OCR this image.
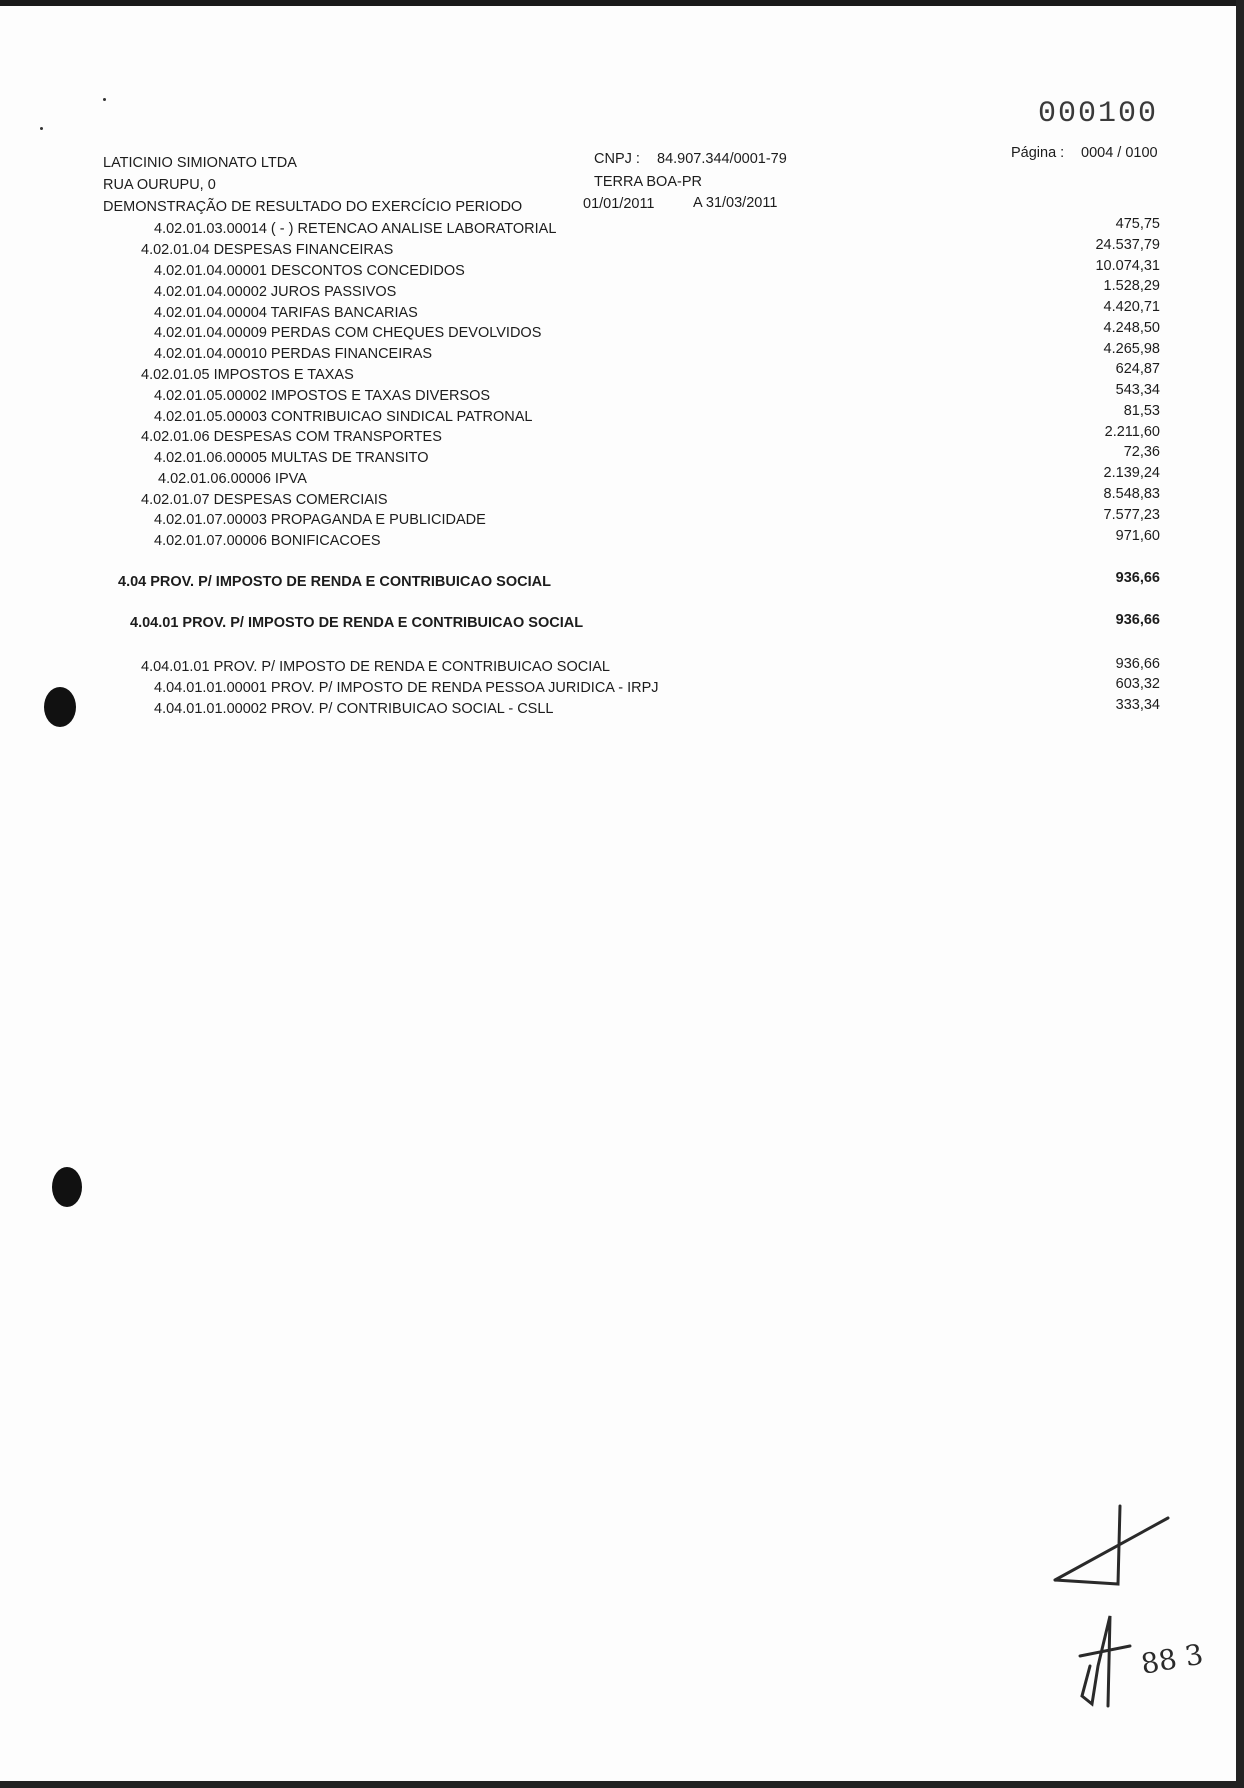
000100
LATICINIO SIMIONATO LTDA
RUA OURUPU, 0
DEMONSTRAÇÃO DE RESULTADO DO EXERCÍCIO PERIODO
CNPJ : 84.907.344/0001-79
TERRA BOA-PR
01/01/2011	A 31/03/2011
Página : 0004 / 0100
4.02.01.03.00014 ( - ) RETENCAO ANALISE LABORATORIAL	475,75
4.02.01.04 DESPESAS FINANCEIRAS	24.537,79
4.02.01.04.00001 DESCONTOS CONCEDIDOS	10.074,31
4.02.01.04.00002 JUROS PASSIVOS	1.528,29
4.02.01.04.00004 TARIFAS BANCARIAS	4.420,71
4.02.01.04.00009 PERDAS COM CHEQUES DEVOLVIDOS	4.248,50
4.02.01.04.00010 PERDAS FINANCEIRAS	4.265,98
4.02.01.05 IMPOSTOS E TAXAS	624,87
4.02.01.05.00002 IMPOSTOS E TAXAS DIVERSOS	543,34
4.02.01.05.00003 CONTRIBUICAO SINDICAL PATRONAL	81,53
4.02.01.06 DESPESAS COM TRANSPORTES	2.211,60
4.02.01.06.00005 MULTAS DE TRANSITO	72,36
4.02.01.06.00006 IPVA	2.139,24
4.02.01.07 DESPESAS COMERCIAIS	8.548,83
4.02.01.07.00003 PROPAGANDA E PUBLICIDADE	7.577,23
4.02.01.07.00006 BONIFICACOES	971,60
4.04 PROV. P/ IMPOSTO DE RENDA E CONTRIBUICAO SOCIAL	936,66
4.04.01 PROV. P/ IMPOSTO DE RENDA E CONTRIBUICAO SOCIAL	936,66
4.04.01.01 PROV. P/ IMPOSTO DE RENDA E CONTRIBUICAO SOCIAL	936,66
4.04.01.01.00001 PROV. P/ IMPOSTO DE RENDA PESSOA JURIDICA - IRPJ	603,32
4.04.01.01.00002 PROV. P/ CONTRIBUICAO SOCIAL - CSLL	333,34
88 3
